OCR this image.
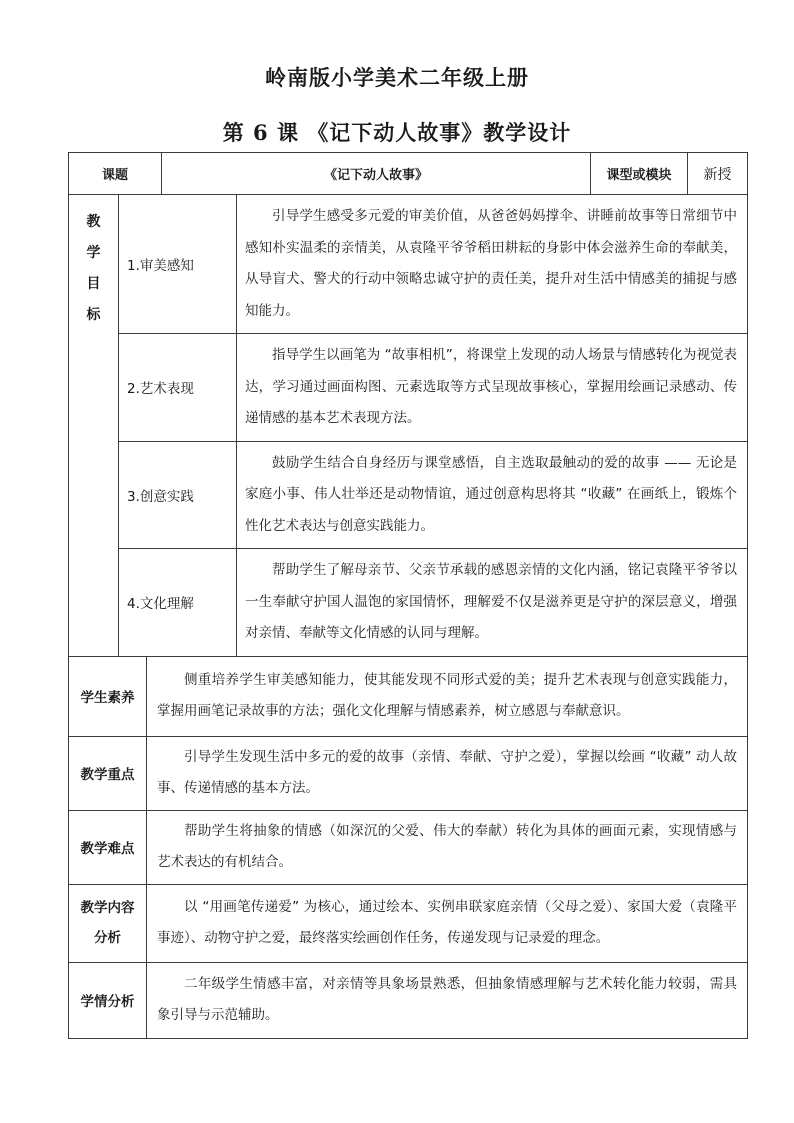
岭南版小学美术二年级上册
第 6 课 《记下动人故事》教学设计
课题			《记下动人故事》		课型或模块	新授

教
学
目
标	1.审美感知			引导学生感受多元爱的审美价值，从爸爸妈妈撑伞、讲睡前故事等日常细节中感知朴实温柔的亲情美，从袁隆平爷爷稻田耕耘的身影中体会滋养生命的奉献美，从导盲犬、警犬的行动中领略忠诚守护的责任美，提升对生活中情感美的捕捉与感知能力。		
	2.艺术表现			指导学生以画笔为 “故事相机”，将课堂上发现的动人场景与情感转化为视觉表达，学习通过画面构图、元素选取等方式呈现故事核心，掌握用绘画记录感动、传递情感的基本艺术表现方法。		
	3.创意实践			鼓励学生结合自身经历与课堂感悟，自主选取最触动的爱的故事 —— 无论是家庭小事、伟人壮举还是动物情谊，通过创意构思将其 “收藏” 在画纸上，锻炼个性化艺术表达与创意实践能力。		
	4.文化理解			帮助学生了解母亲节、父亲节承载的感恩亲情的文化内涵，铭记袁隆平爷爷以一生奉献守护国人温饱的家国情怀，理解爱不仅是滋养更是守护的深层意义，增强对亲情、奉献等文化情感的认同与理解。		
学生素养		侧重培养学生审美感知能力，使其能发现不同形式爱的美；提升艺术表现与创意实践能力，掌握用画笔记录故事的方法；强化文化理解与情感素养，树立感恩与奉献意识。				
教学重点		引导学生发现生活中多元的爱的故事（亲情、奉献、守护之爱），掌握以绘画 “收藏” 动人故事、传递情感的基本方法。				
教学难点		帮助学生将抽象的情感（如深沉的父爱、伟大的奉献）转化为具体的画面元素，实现情感与艺术表达的有机结合。				
教学内容分析		以 “用画笔传递爱” 为核心，通过绘本、实例串联家庭亲情（父母之爱）、家国大爱（袁隆平事迹）、动物守护之爱，最终落实绘画创作任务，传递发现与记录爱的理念。				
学情分析		二年级学生情感丰富，对亲情等具象场景熟悉，但抽象情感理解与艺术转化能力较弱，需具象引导与示范辅助。				
